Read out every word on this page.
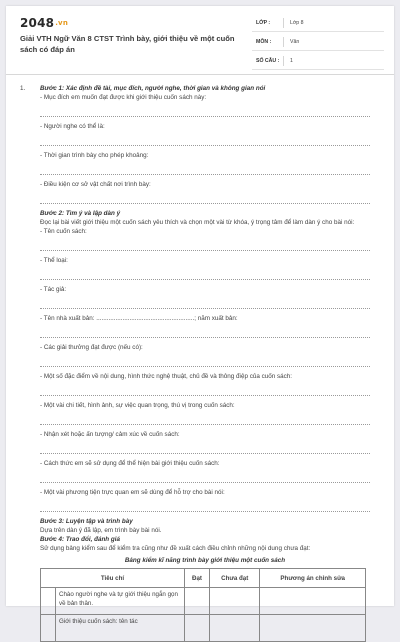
2048.vn
Giải VTH Ngữ Văn 8 CTST Trình bày, giới thiệu về một cuốn sách có đáp án
LỚP :	Lớp 8
MÔN :	Văn
SỐ CÂU : 1
1. Bước 1: Xác định đề tài, mục đích, người nghe, thời gian và không gian nói
- Mục đích em muốn đạt được khi giới thiệu cuốn sách này:
- Người nghe có thể là:
- Thời gian trình bày cho phép khoảng:
- Điều kiện cơ sở vật chất nơi trình bày:
Bước 2: Tìm ý và lập dàn ý
Đọc lại bài viết giới thiệu một cuốn sách yêu thích và chọn một vài từ khóa, ý trọng tâm để làm dàn ý cho bài nói:
- Tên cuốn sách:
- Thể loại:
- Tác giả:
- Tên nhà xuất bản: ........................................................; năm xuất bản:
- Các giải thưởng đạt được (nếu có):
- Một số đặc điểm về nội dung, hình thức nghệ thuật, chủ đề và thông điệp của cuốn sách:
- Một vài chi tiết, hình ảnh, sự việc quan trọng, thú vị trong cuốn sách:
- Nhận xét hoặc ấn tượng/ cảm xúc về cuốn sách:
- Cách thức em sẽ sử dụng để thể hiện bài giới thiệu cuốn sách:
- Một vài phương tiện trực quan em sẽ dùng để hỗ trợ cho bài nói:
Bước 3: Luyện tập và trình bày
Dựa trên dàn ý đã lập, em trình bày bài nói.
Bước 4: Trao đổi, đánh giá
Sử dụng bảng kiểm sau để kiểm tra cũng như đề xuất cách điều chỉnh những nội dung chưa đạt:
Bảng kiểm kĩ năng trình bày giới thiệu một cuốn sách
Tiêu chí		Đạt	Chưa đạt	Phương án chỉnh sửa
	Chào người nghe và tự giới thiệu ngắn gọn về bản thân.			
	Giới thiệu cuốn sách: tên tác			
